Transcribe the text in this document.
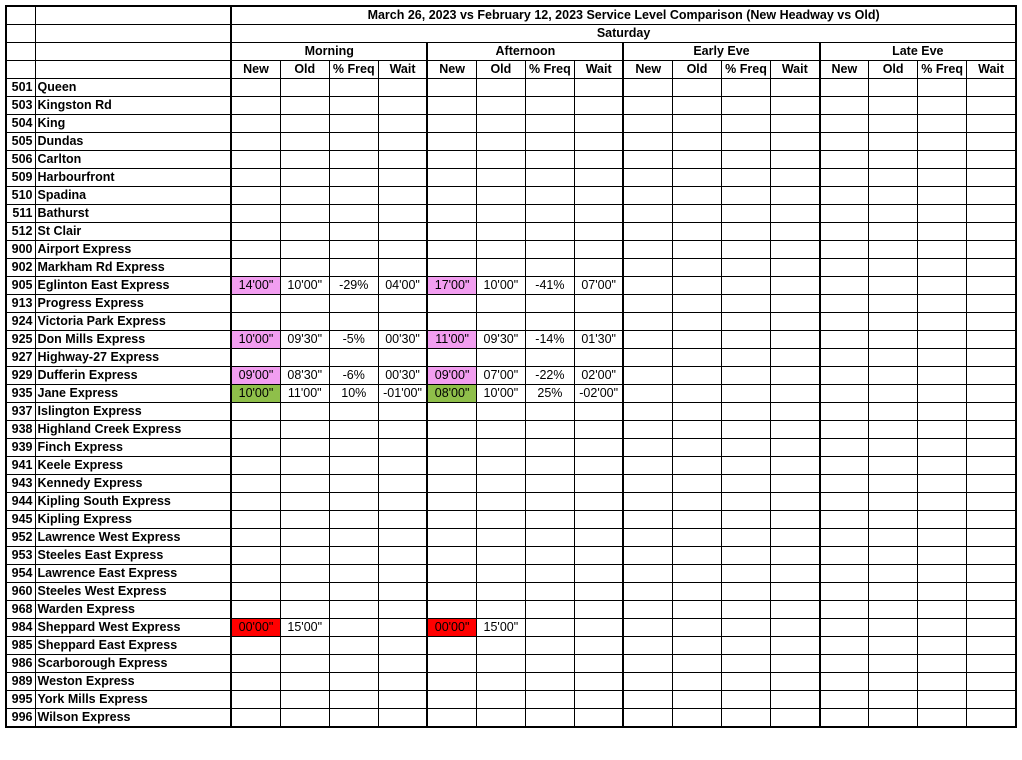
		March 26, 2023 vs February 12, 2023 Service Level Comparison (New Headway vs Old)															
		Saturday															
		Morning				Afternoon				Early Eve				Late Eve			
		New	Old	% Freq	Wait	New	Old	% Freq	Wait	New	Old	% Freq	Wait	New	Old	% Freq	Wait
501	Queen																
503	Kingston Rd																
504	King																
505	Dundas																
506	Carlton																
509	Harbourfront																
510	Spadina																
511	Bathurst																
512	St Clair																
900	Airport Express																
902	Markham Rd Express																
905	Eglinton East Express	14'00"	10'00"	-29%	04'00"	17'00"	10'00"	-41%	07'00"								
913	Progress Express																
924	Victoria Park Express																
925	Don Mills Express	10'00"	09'30"	-5%	00'30"	11'00"	09'30"	-14%	01'30"								
927	Highway-27 Express																
929	Dufferin Express	09'00"	08'30"	-6%	00'30"	09'00"	07'00"	-22%	02'00"								
935	Jane Express	10'00"	11'00"	10%	-01'00"	08'00"	10'00"	25%	-02'00"								
937	Islington Express																
938	Highland Creek Express																
939	Finch Express																
941	Keele Express																
943	Kennedy Express																
944	Kipling South Express																
945	Kipling Express																
952	Lawrence West Express																
953	Steeles East Express																
954	Lawrence East Express																
960	Steeles West Express																
968	Warden Express																
984	Sheppard West Express	00'00"	15'00"			00'00"	15'00"										
985	Sheppard East Express																
986	Scarborough Express																
989	Weston Express																
995	York Mills Express																
996	Wilson Express																
